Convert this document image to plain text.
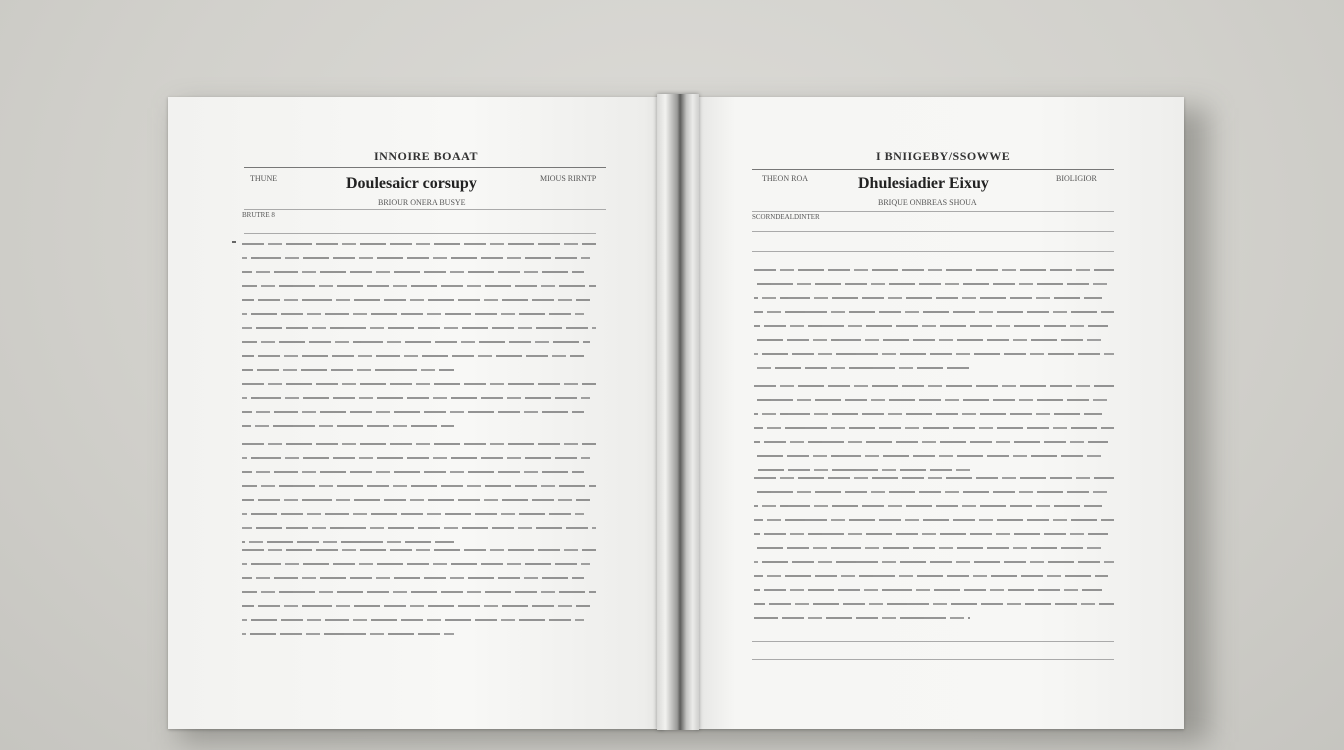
INNOIRE BOAAT
THUNE	Doulesaicr corsupy	MIOUS RIRNTP
BRIOUR ONERA BUSYE
BRUTRE 8
I BNIIGEBY/SSOWWE
THEON ROA	Dhulesiadier Eixuy	BIOLIGIOR
BRIQUE ONBREAS SHOUA
SCORNDEALDINTER
